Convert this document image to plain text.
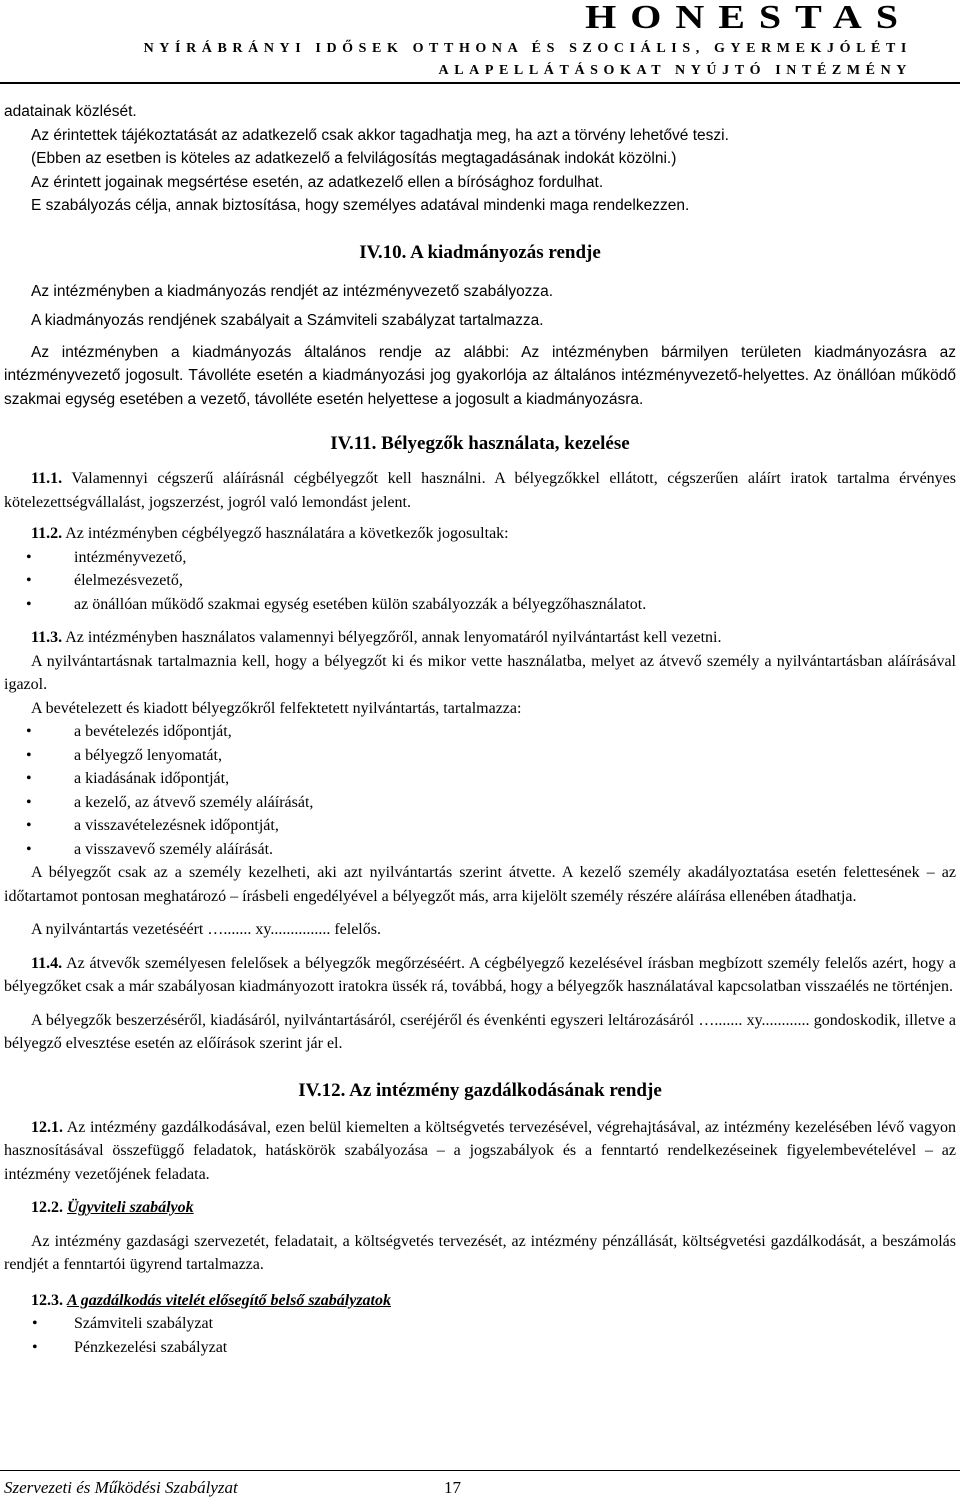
HONESTAS
NYÍRÁBRÁNYI IDŐSEK OTTHONA ÉS SZOCIÁLIS, GYERMEKJÓLÉTI
ALAPELLÁTÁSOKAT NYÚJTÓ INTÉZMÉNY
adatainak közlését.
Az érintettek tájékoztatását az adatkezelő csak akkor tagadhatja meg, ha azt a törvény lehetővé teszi.
(Ebben az esetben is köteles az adatkezelő a felvilágosítás megtagadásának indokát közölni.)
Az érintett jogainak megsértése esetén, az adatkezelő ellen a bírósághoz fordulhat.
E szabályozás célja, annak biztosítása, hogy személyes adatával mindenki maga rendelkezzen.
IV.10. A kiadmányozás rendje
Az intézményben a kiadmányozás rendjét az intézményvezető szabályozza.
A kiadmányozás rendjének szabályait a Számviteli szabályzat tartalmazza.
Az intézményben a kiadmányozás általános rendje az alábbi: Az intézményben bármilyen területen kiadmányozásra az intézményvezető jogosult. Távolléte esetén a kiadmányozási jog gyakorlója az általános intézményvezető-helyettes. Az önállóan működő szakmai egység esetében a vezető, távolléte esetén helyettese a jogosult a kiadmányozásra.
IV.11. Bélyegzők használata, kezelése
11.1. Valamennyi cégszerű aláírásnál cégbélyegzőt kell használni. A bélyegzőkkel ellátott, cégszerűen aláírt iratok tartalma érvényes kötelezettségvállalást, jogszerzést, jogról való lemondást jelent.
11.2. Az intézményben cégbélyegző használatára a következők jogosultak:
•	intézményvezető,
•	élelmezésvezető,
•	az önállóan működő szakmai egység esetében külön szabályozzák a bélyegzőhasználatot.
11.3. Az intézményben használatos valamennyi bélyegzőről, annak lenyomatáról nyilvántartást kell vezetni.
A nyilvántartásnak tartalmaznia kell, hogy a bélyegzőt ki és mikor vette használatba, melyet az átvevő személy a nyilvántartásban aláírásával igazol.
A bevételezett és kiadott bélyegzőkről felfektetett nyilvántartás, tartalmazza:
•	a bevételezés időpontját,
•	a bélyegző lenyomatát,
•	a kiadásának időpontját,
•	a kezelő, az átvevő személy aláírását,
•	a visszavételezésnek időpontját,
•	a visszavevő személy aláírását.
A bélyegzőt csak az a személy kezelheti, aki azt nyilvántartás szerint átvette. A kezelő személy akadályoztatása esetén felettesének – az időtartamot pontosan meghatározó – írásbeli engedélyével a bélyegzőt más, arra kijelölt személy részére aláírása ellenében átadhatja.
A nyilvántartás vezetéséért …....... xy............... felelős.
11.4. Az átvevők személyesen felelősek a bélyegzők megőrzéséért. A cégbélyegző kezelésével írásban megbízott személy felelős azért, hogy a bélyegzőket csak a már szabályosan kiadmányozott iratokra üssék rá, továbbá, hogy a bélyegzők használatával kapcsolatban visszaélés ne történjen.
A bélyegzők beszerzéséről, kiadásáról, nyilvántartásáról, cseréjéről és évenkénti egyszeri leltározásáról …....... xy............ gondoskodik, illetve a bélyegző elvesztése esetén az előírások szerint jár el.
IV.12. Az intézmény gazdálkodásának rendje
12.1. Az intézmény gazdálkodásával, ezen belül kiemelten a költségvetés tervezésével, végrehajtásával, az intézmény kezelésében lévő vagyon hasznosításával összefüggő feladatok, hatáskörök szabályozása – a jogszabályok és a fenntartó rendelkezéseinek figyelembevételével – az intézmény vezetőjének feladata.
12.2. Ügyviteli szabályok
Az intézmény gazdasági szervezetét, feladatait, a költségvetés tervezését, az intézmény pénzállását, költségvetési gazdálkodását, a beszámolás rendjét a fenntartói ügyrend tartalmazza.
12.3. A gazdálkodás vitelét elősegítő belső szabályzatok
• Számviteli szabályzat
• Pénzkezelési szabályzat
Szervezeti és Működési Szabályzat	17
